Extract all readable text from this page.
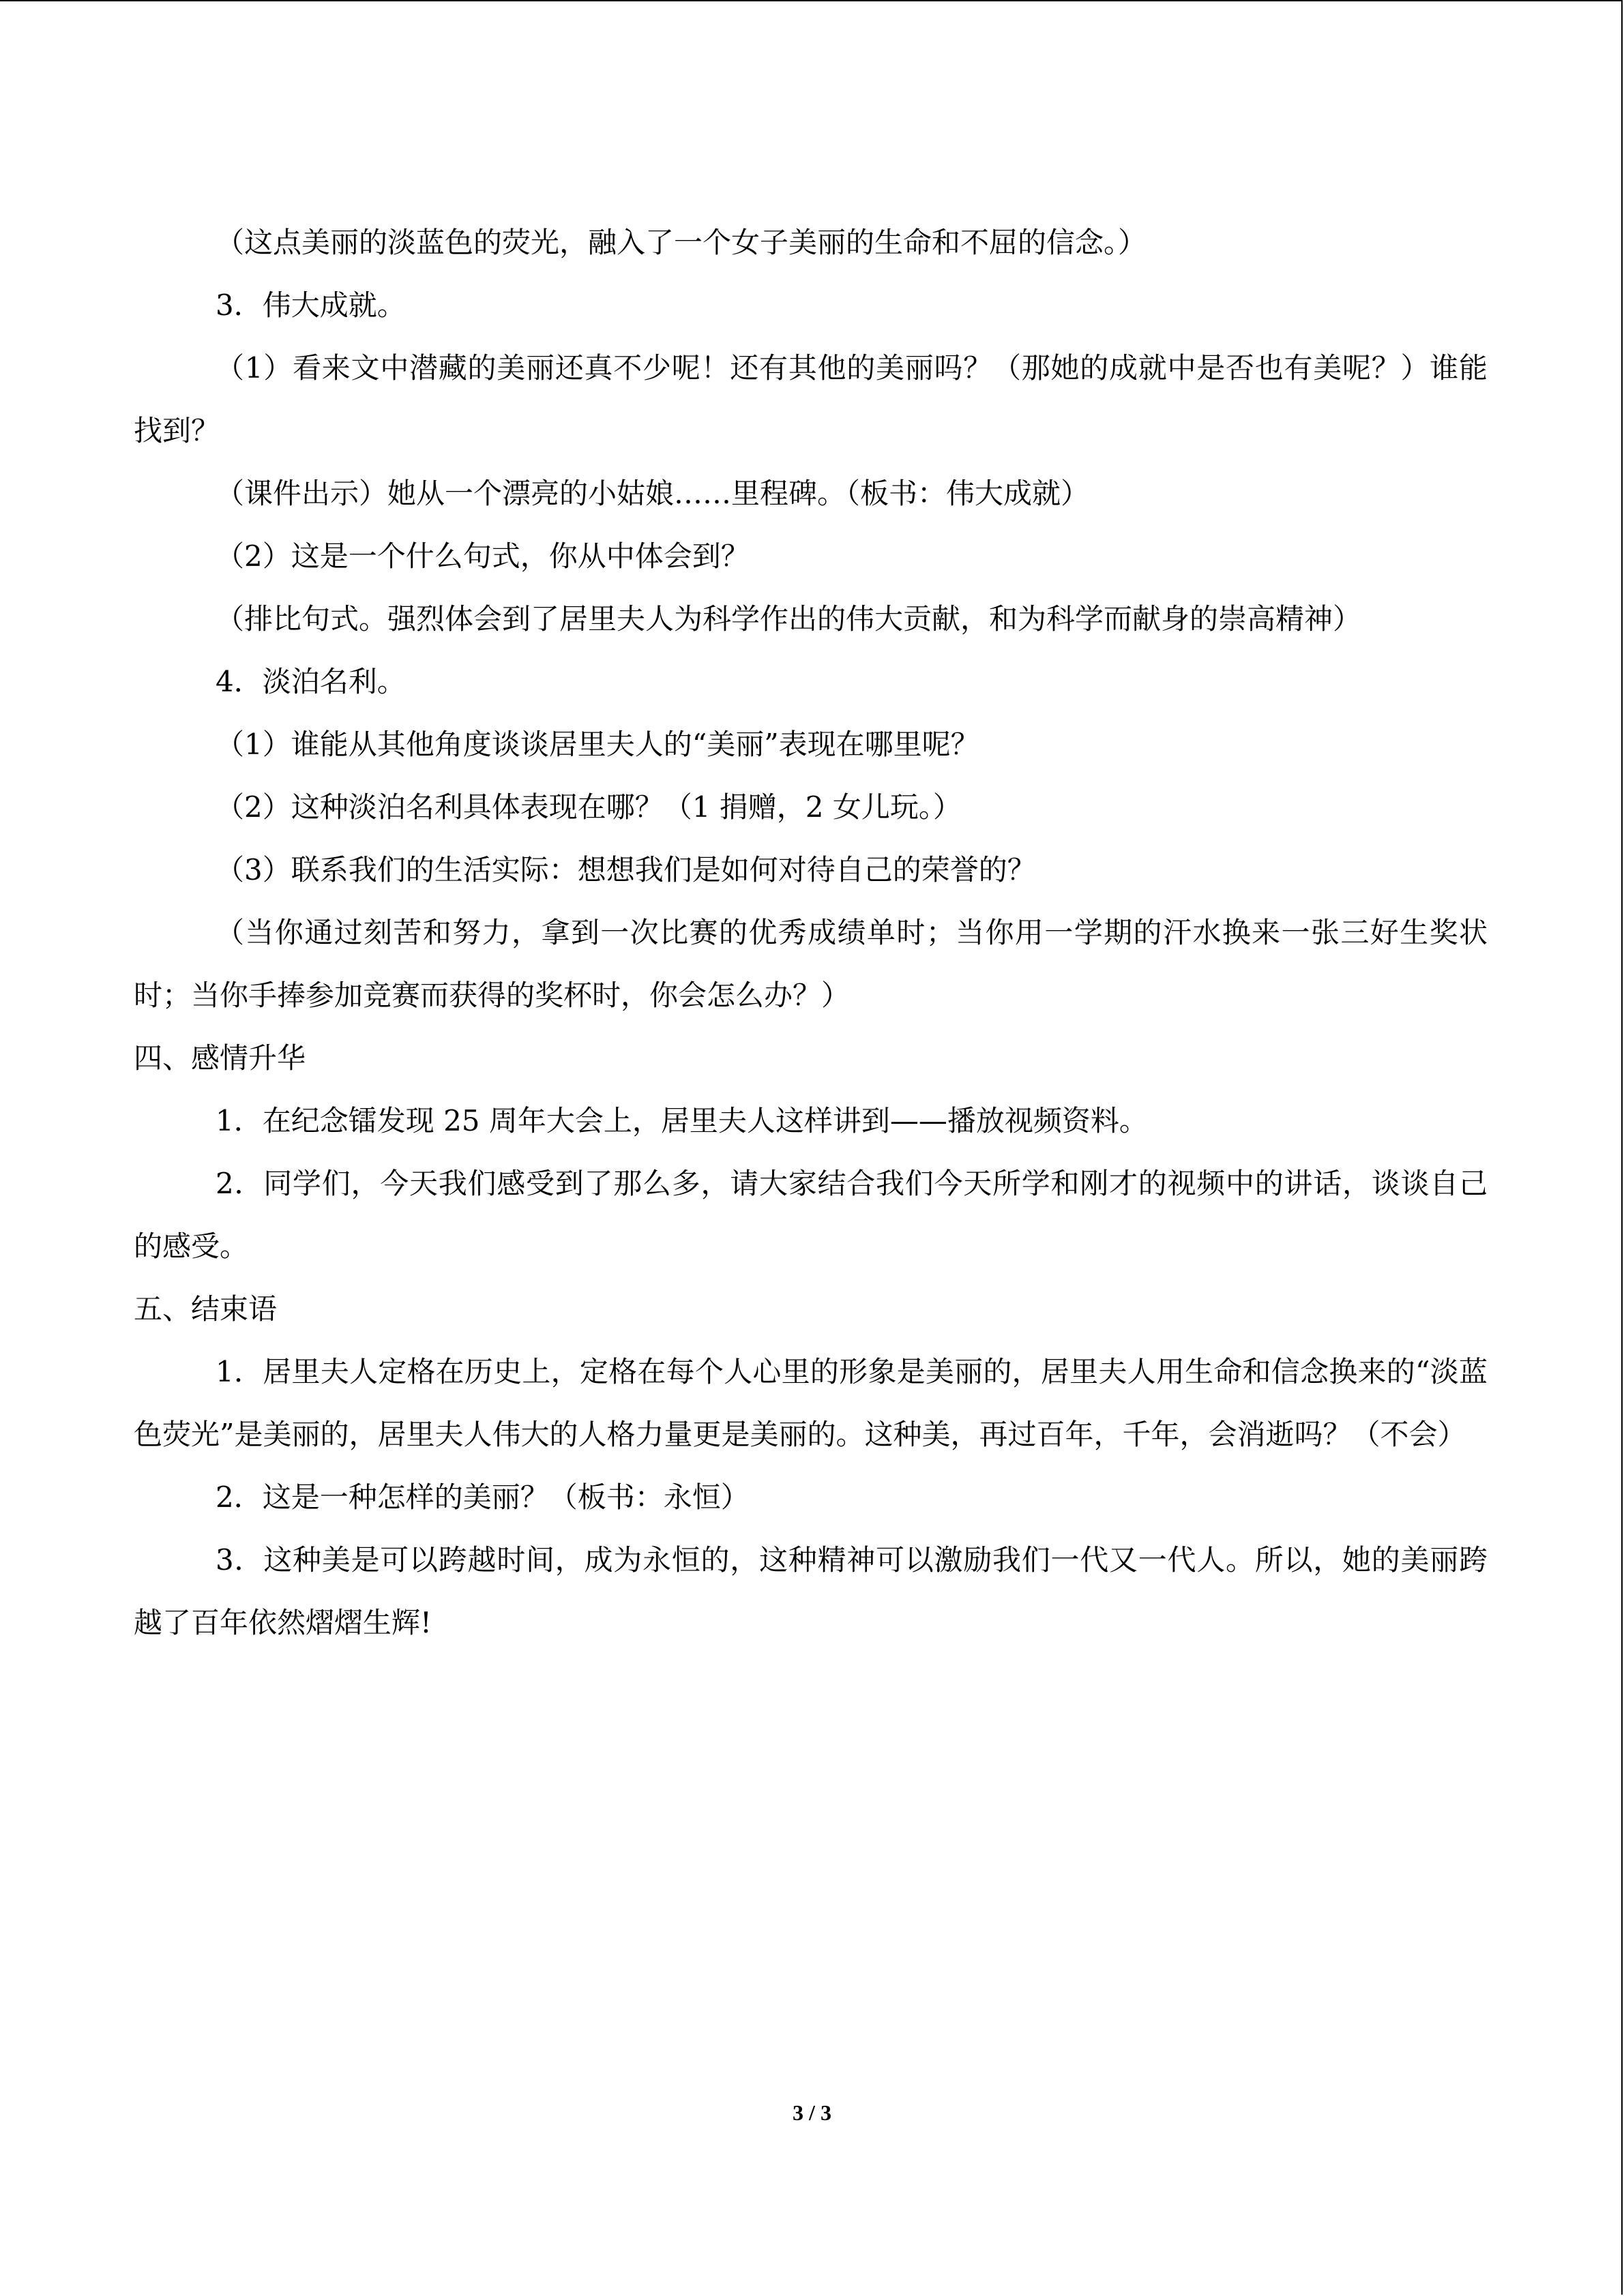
（这点美丽的淡蓝色的荧光，融入了一个女子美丽的生命和不屈的信念。）

3．伟大成就。

（1）看来文中潜藏的美丽还真不少呢！还有其他的美丽吗？（那她的成就中是否也有美呢？）谁能找到？

（课件出示）她从一个漂亮的小姑娘……里程碑。（板书：伟大成就）

（2）这是一个什么句式，你从中体会到？

（排比句式。强烈体会到了居里夫人为科学作出的伟大贡献，和为科学而献身的崇高精神）

4．淡泊名利。

（1）谁能从其他角度谈谈居里夫人的“美丽”表现在哪里呢？

（2）这种淡泊名利具体表现在哪？（1 捐赠，2 女儿玩。）

（3）联系我们的生活实际：想想我们是如何对待自己的荣誉的？

（当你通过刻苦和努力，拿到一次比赛的优秀成绩单时；当你用一学期的汗水换来一张三好生奖状时；当你手捧参加竞赛而获得的奖杯时，你会怎么办？）

四、感情升华

1．在纪念镭发现 25 周年大会上，居里夫人这样讲到——播放视频资料。

2．同学们，今天我们感受到了那么多，请大家结合我们今天所学和刚才的视频中的讲话，谈谈自己的感受。

五、结束语

1．居里夫人定格在历史上，定格在每个人心里的形象是美丽的，居里夫人用生命和信念换来的“淡蓝色荧光”是美丽的，居里夫人伟大的人格力量更是美丽的。这种美，再过百年，千年，会消逝吗？（不会）

2．这是一种怎样的美丽？（板书：永恒）

3．这种美是可以跨越时间，成为永恒的，这种精神可以激励我们一代又一代人。所以，她的美丽跨越了百年依然熠熠生辉!

3 / 3
